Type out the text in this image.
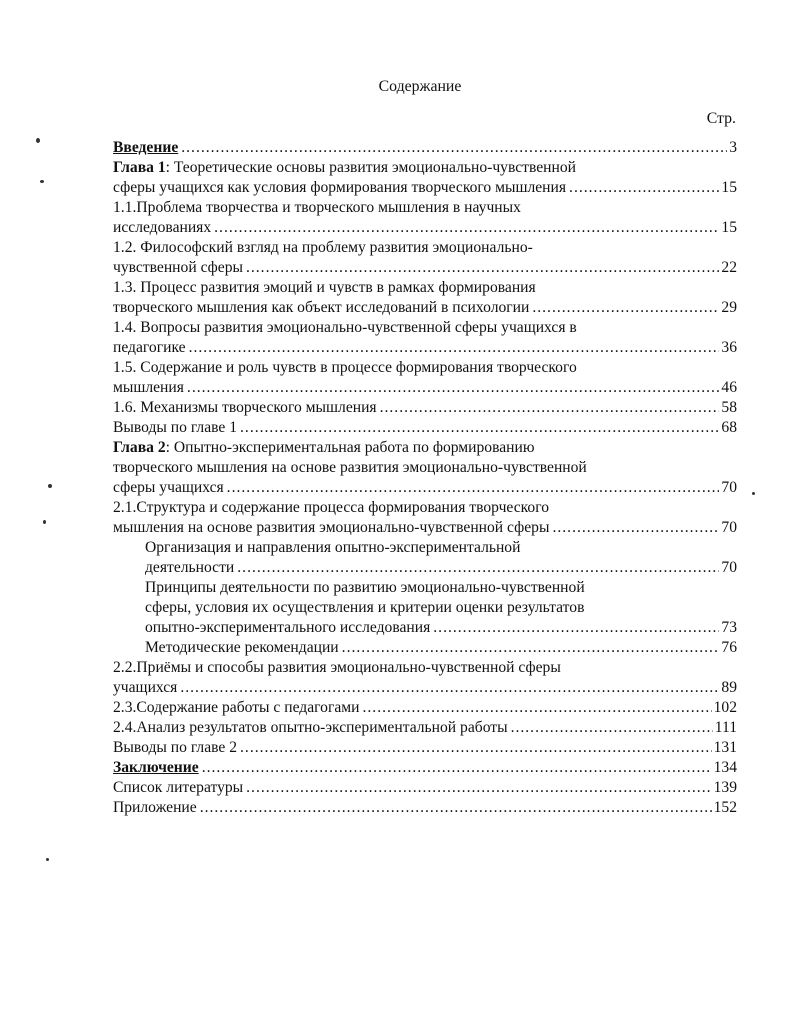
Содержание
Стр.
Введение .....	3
Глава 1 : Теоретические основы развития эмоционально-чувственной
сферы учащихся как условия формирования творческого мышления .....	15
1.1.Проблема творчества и творческого мышления в научных
исследованиях .....	15
1.2. Философский взгляд на проблему развития эмоционально-
чувственной сферы .....	22
1.3. Процесс развития эмоций и чувств в рамках формирования
творческого мышления как объект исследований в психологии .....	29
1.4. Вопросы развития эмоционально-чувственной сферы учащихся в
педагогике .....	36
1.5. Содержание и роль чувств в процессе формирования творческого
мышления .....	46
1.6. Механизмы творческого мышления .....	58
Выводы по главе 1 .....	68
Глава 2 : Опытно-экспериментальная работа по формированию
творческого мышления на основе развития эмоционально-чувственной
сферы учащихся .....	70
2.1.Структура и содержание процесса формирования творческого
мышления на основе развития эмоционально-чувственной сферы .....	70
Организация и направления опытно-экспериментальной
деятельности .....	70
Принципы деятельности по развитию эмоционально-чувственной
сферы, условия их осуществления и критерии оценки результатов
опытно-экспериментального исследования .....	73
Методические рекомендации .....	76
2.2.Приёмы и способы развития эмоционально-чувственной сферы
учащихся .....	89
2.3.Содержание работы с педагогами .....	102
2.4.Анализ результатов опытно-экспериментальной работы .....	111
Выводы по главе 2 .....	131
Заключение .....	134
Список литературы .....	139
Приложение .....	152
